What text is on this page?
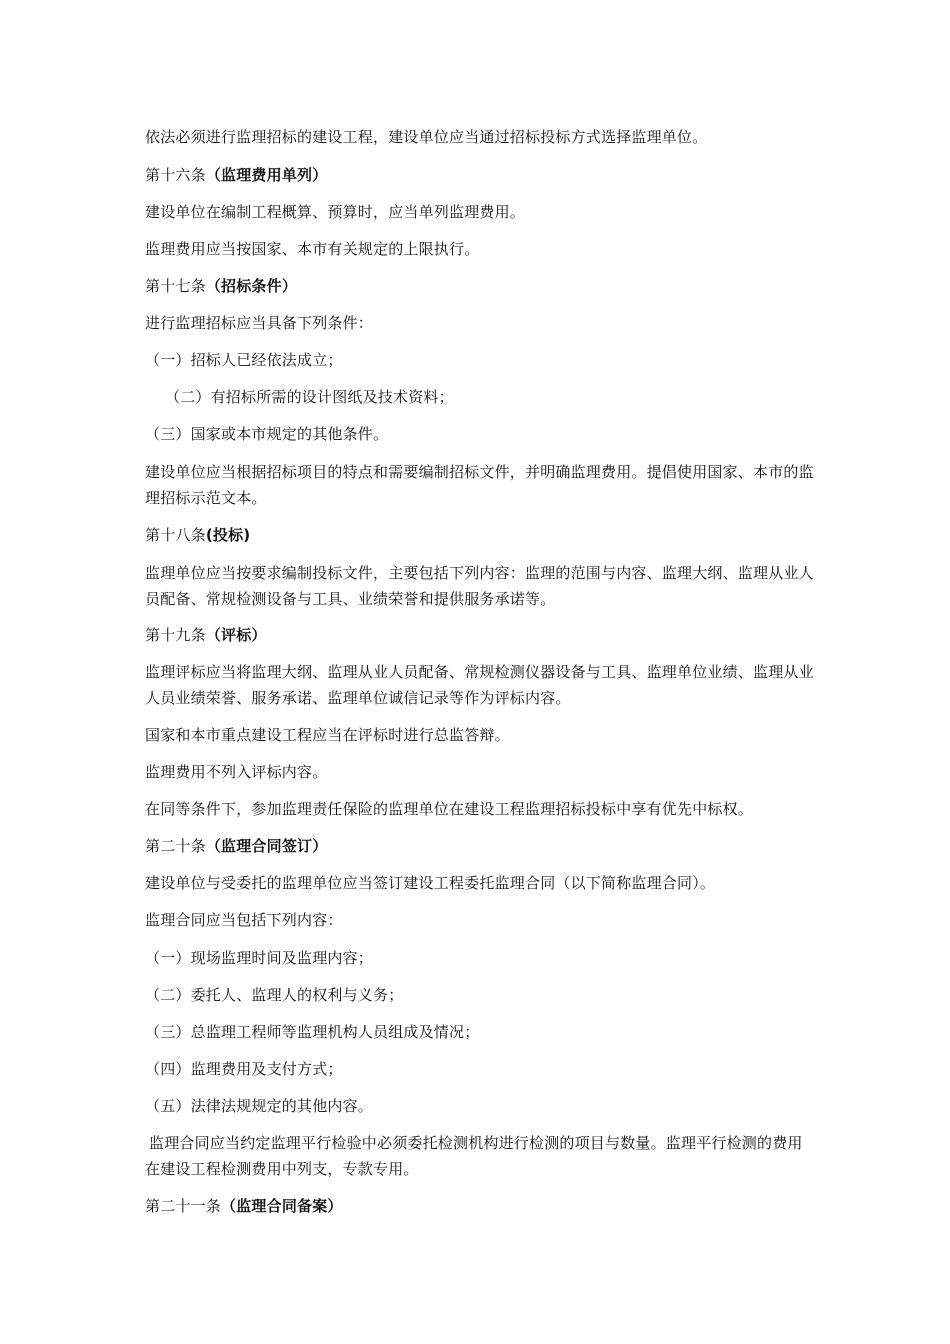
依法必须进行监理招标的建设工程，建设单位应当通过招标投标方式选择监理单位。

第十六条（监理费用单列）

建设单位在编制工程概算、预算时，应当单列监理费用。

监理费用应当按国家、本市有关规定的上限执行。

第十七条（招标条件）

进行监理招标应当具备下列条件：

（一）招标人已经依法成立；

（二）有招标所需的设计图纸及技术资料；

（三）国家或本市规定的其他条件。

建设单位应当根据招标项目的特点和需要编制招标文件，并明确监理费用。提倡使用国家、本市的监理招标示范文本。

第十八条(投标)

监理单位应当按要求编制投标文件，主要包括下列内容：监理的范围与内容、监理大纲、监理从业人员配备、常规检测设备与工具、业绩荣誉和提供服务承诺等。

第十九条（评标）

监理评标应当将监理大纲、监理从业人员配备、常规检测仪器设备与工具、监理单位业绩、监理从业人员业绩荣誉、服务承诺、监理单位诚信记录等作为评标内容。

国家和本市重点建设工程应当在评标时进行总监答辩。

监理费用不列入评标内容。

在同等条件下，参加监理责任保险的监理单位在建设工程监理招标投标中享有优先中标权。

第二十条（监理合同签订）

建设单位与受委托的监理单位应当签订建设工程委托监理合同（以下简称监理合同）。

监理合同应当包括下列内容：

（一）现场监理时间及监理内容；

（二）委托人、监理人的权利与义务；

（三）总监理工程师等监理机构人员组成及情况；

（四）监理费用及支付方式；

（五）法律法规规定的其他内容。

监理合同应当约定监理平行检验中必须委托检测机构进行检测的项目与数量。监理平行检测的费用在建设工程检测费用中列支，专款专用。

第二十一条（监理合同备案）
